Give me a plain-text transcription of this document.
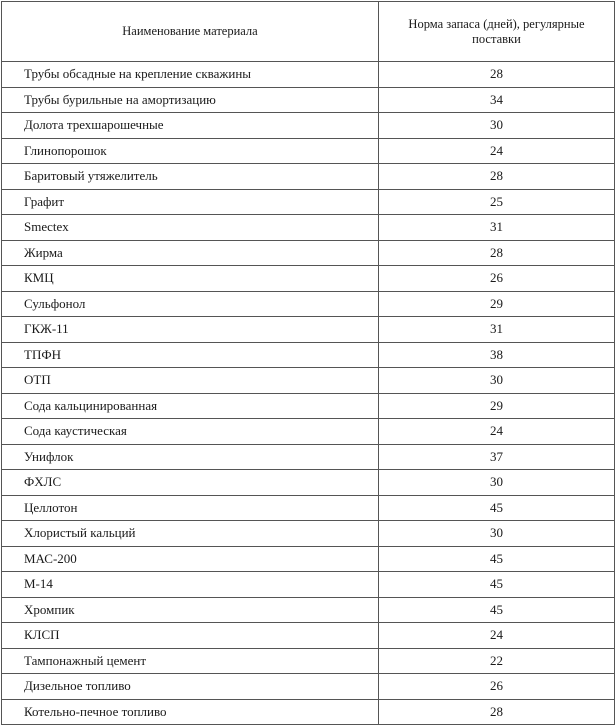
Наименование материала	Норма запаса (дней), регулярные поставки
Трубы обсадные на крепление скважины	28
Трубы бурильные на амортизацию	34
Долота трехшарошечные	30
Глинопорошок	24
Баритовый утяжелитель	28
Графит	25
Smectex	31
Жирма	28
КМЦ	26
Сульфонол	29
ГКЖ-11	31
ТПФН	38
ОТП	30
Сода кальцинированная	29
Сода каустическая	24
Унифлок	37
ФХЛС	30
Целлотон	45
Хлористый кальций	30
МАС-200	45
М-14	45
Хромпик	45
КЛСП	24
Тампонажный цемент	22
Дизельное топливо	26
Котельно-печное топливо	28
